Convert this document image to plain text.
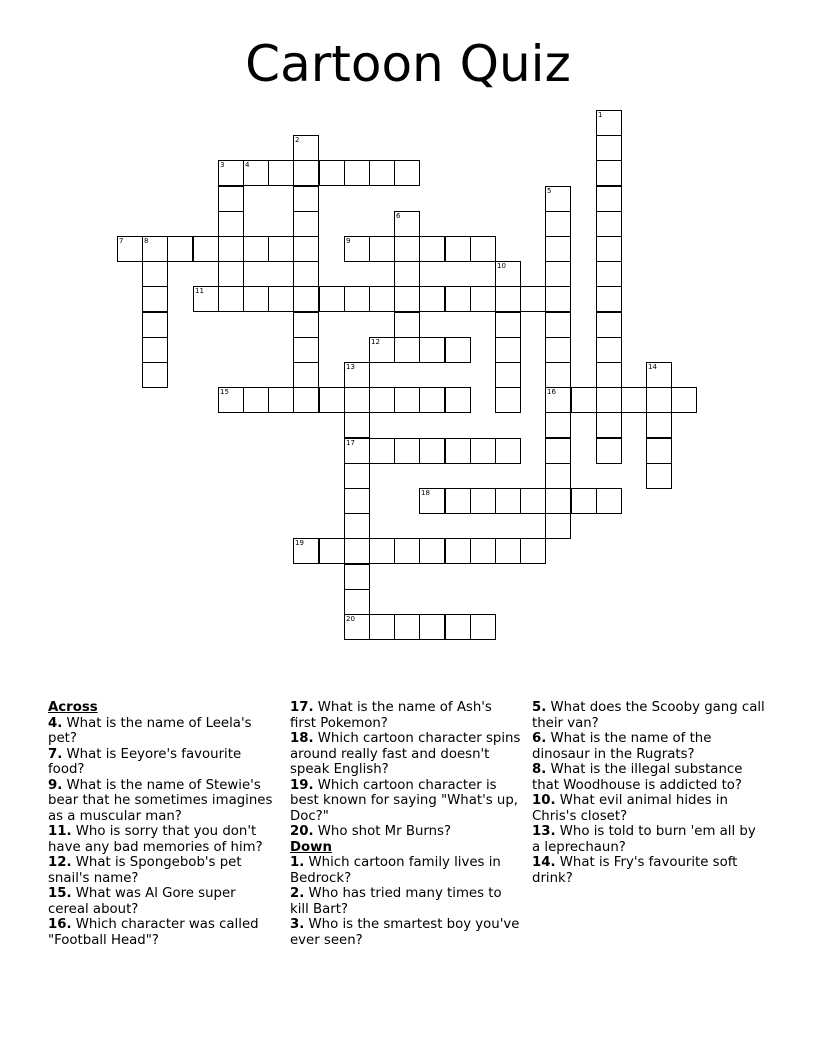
Cartoon Quiz
1
2
3	4
5
16
6
7	8	9
10
11
12
13
17
20
14
15
18
19

Across

4. What is the name of Leela's pet?

7. What is Eeyore's favourite food?

9. What is the name of Stewie's bear that he sometimes imagines as a muscular man?

11. Who is sorry that you don't have any bad memories of him?

12. What is Spongebob's pet snail's name?

15. What was Al Gore super cereal about?

16. Which character was called "Football Head"?

17. What is the name of Ash's first Pokemon?

18. Which cartoon character spins around really fast and doesn't speak English?

19. Which cartoon character is best known for saying "What's up, Doc?"

20. Who shot Mr Burns?

Down

1. Which cartoon family lives in Bedrock?

2. Who has tried many times to kill Bart?

3. Who is the smartest boy you've ever seen?

5. What does the Scooby gang call their van?

6. What is the name of the dinosaur in the Rugrats?

8. What is the illegal substance that Woodhouse is addicted to?

10. What evil animal hides in Chris's closet?

13. Who is told to burn 'em all by a leprechaun?

14. What is Fry's favourite soft drink?
